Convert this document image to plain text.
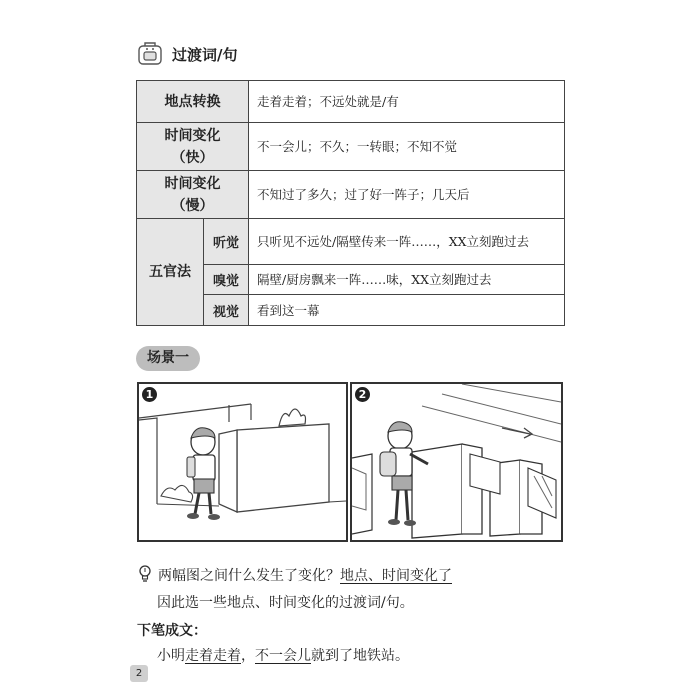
过渡词/句
地点转换		走着走着；不远处就是/有

时间变化
（快）		不一会儿；不久；一转眼；不知不觉

时间变化
（慢）		不知过了多久；过了好一阵子；几天后
五官法	听觉	只听见不远处/隔壁传来一阵……，XX立刻跑过去
	嗅觉	隔壁/厨房飘来一阵……味，XX立刻跑过去
	视觉	看到这一幕
场景一
1	2
两幅图之间什么发生了变化？地点、时间变化了
因此选一些地点、时间变化的过渡词/句。
下笔成文：
小明走着走着，不一会儿就到了地铁站。
2
